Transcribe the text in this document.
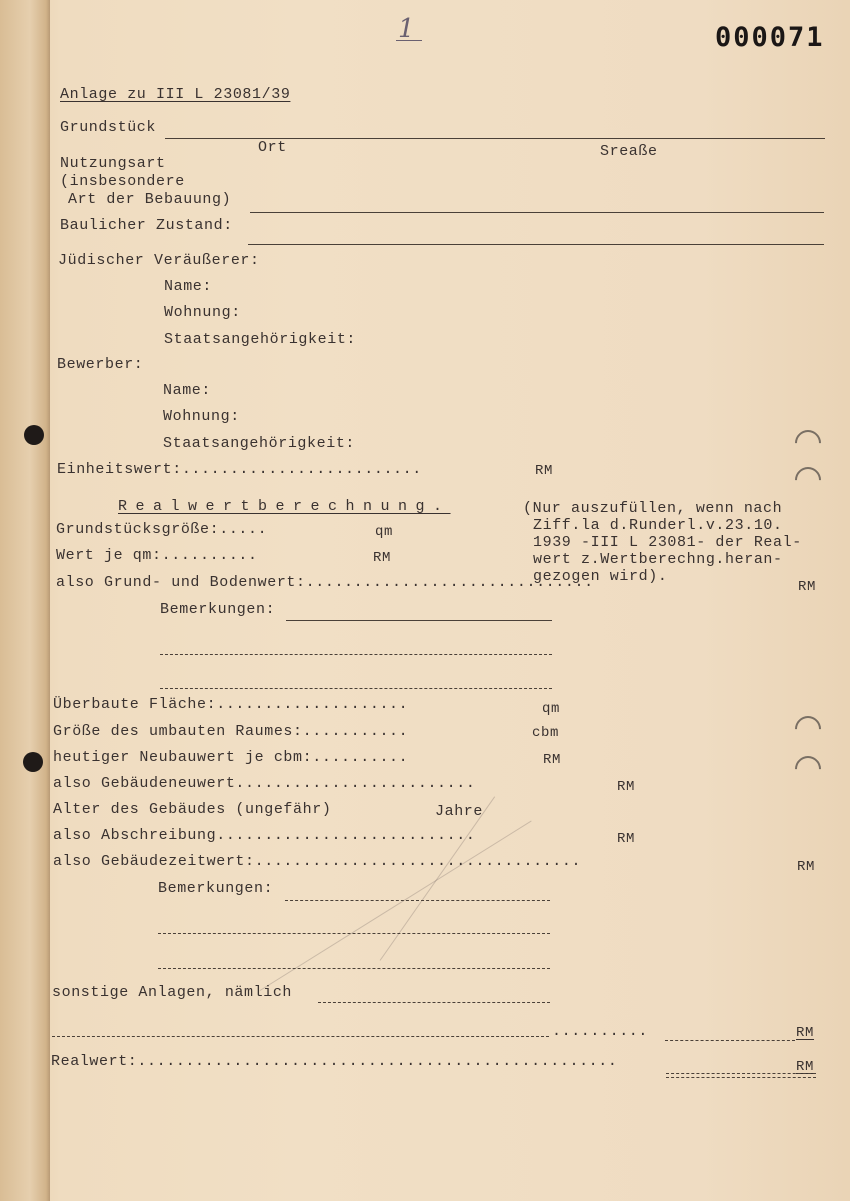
1	000071
Anlage zu III L 23081/39
Grundstück
Ort	Sreaße
Nutzungsart
(insbesondere
Art der Bebauung)
Baulicher Zustand:
Jüdischer Veräußerer:
Name:
Wohnung:
Staatsangehörigkeit:
Bewerber:
Name:
Wohnung:
Staatsangehörigkeit:
Einheitswert:.........................	RM
Realwertberechnung.	(Nur auszufüllen, wenn nach
Ziff.la d.Runderl.v.23.10.
1939 -III L 23081- der Real-
wert z.Wertberechng.heran-
gezogen wird).
Grundstücksgröße:.....	qm
Wert je qm:..........	RM
also Grund- und Bodenwert:..............................	RM
Bemerkungen:
Überbaute Fläche:....................	qm
Größe des umbauten Raumes:...........	cbm
heutiger Neubauwert je cbm:..........	RM
also Gebäudeneuwert.........................	RM
Alter des Gebäudes (ungefähr)	Jahre
also Abschreibung...........................	RM
also Gebäudezeitwert:..................................	RM
Bemerkungen:
sonstige Anlagen, nämlich
..........	RM
Realwert:..................................................	RM
